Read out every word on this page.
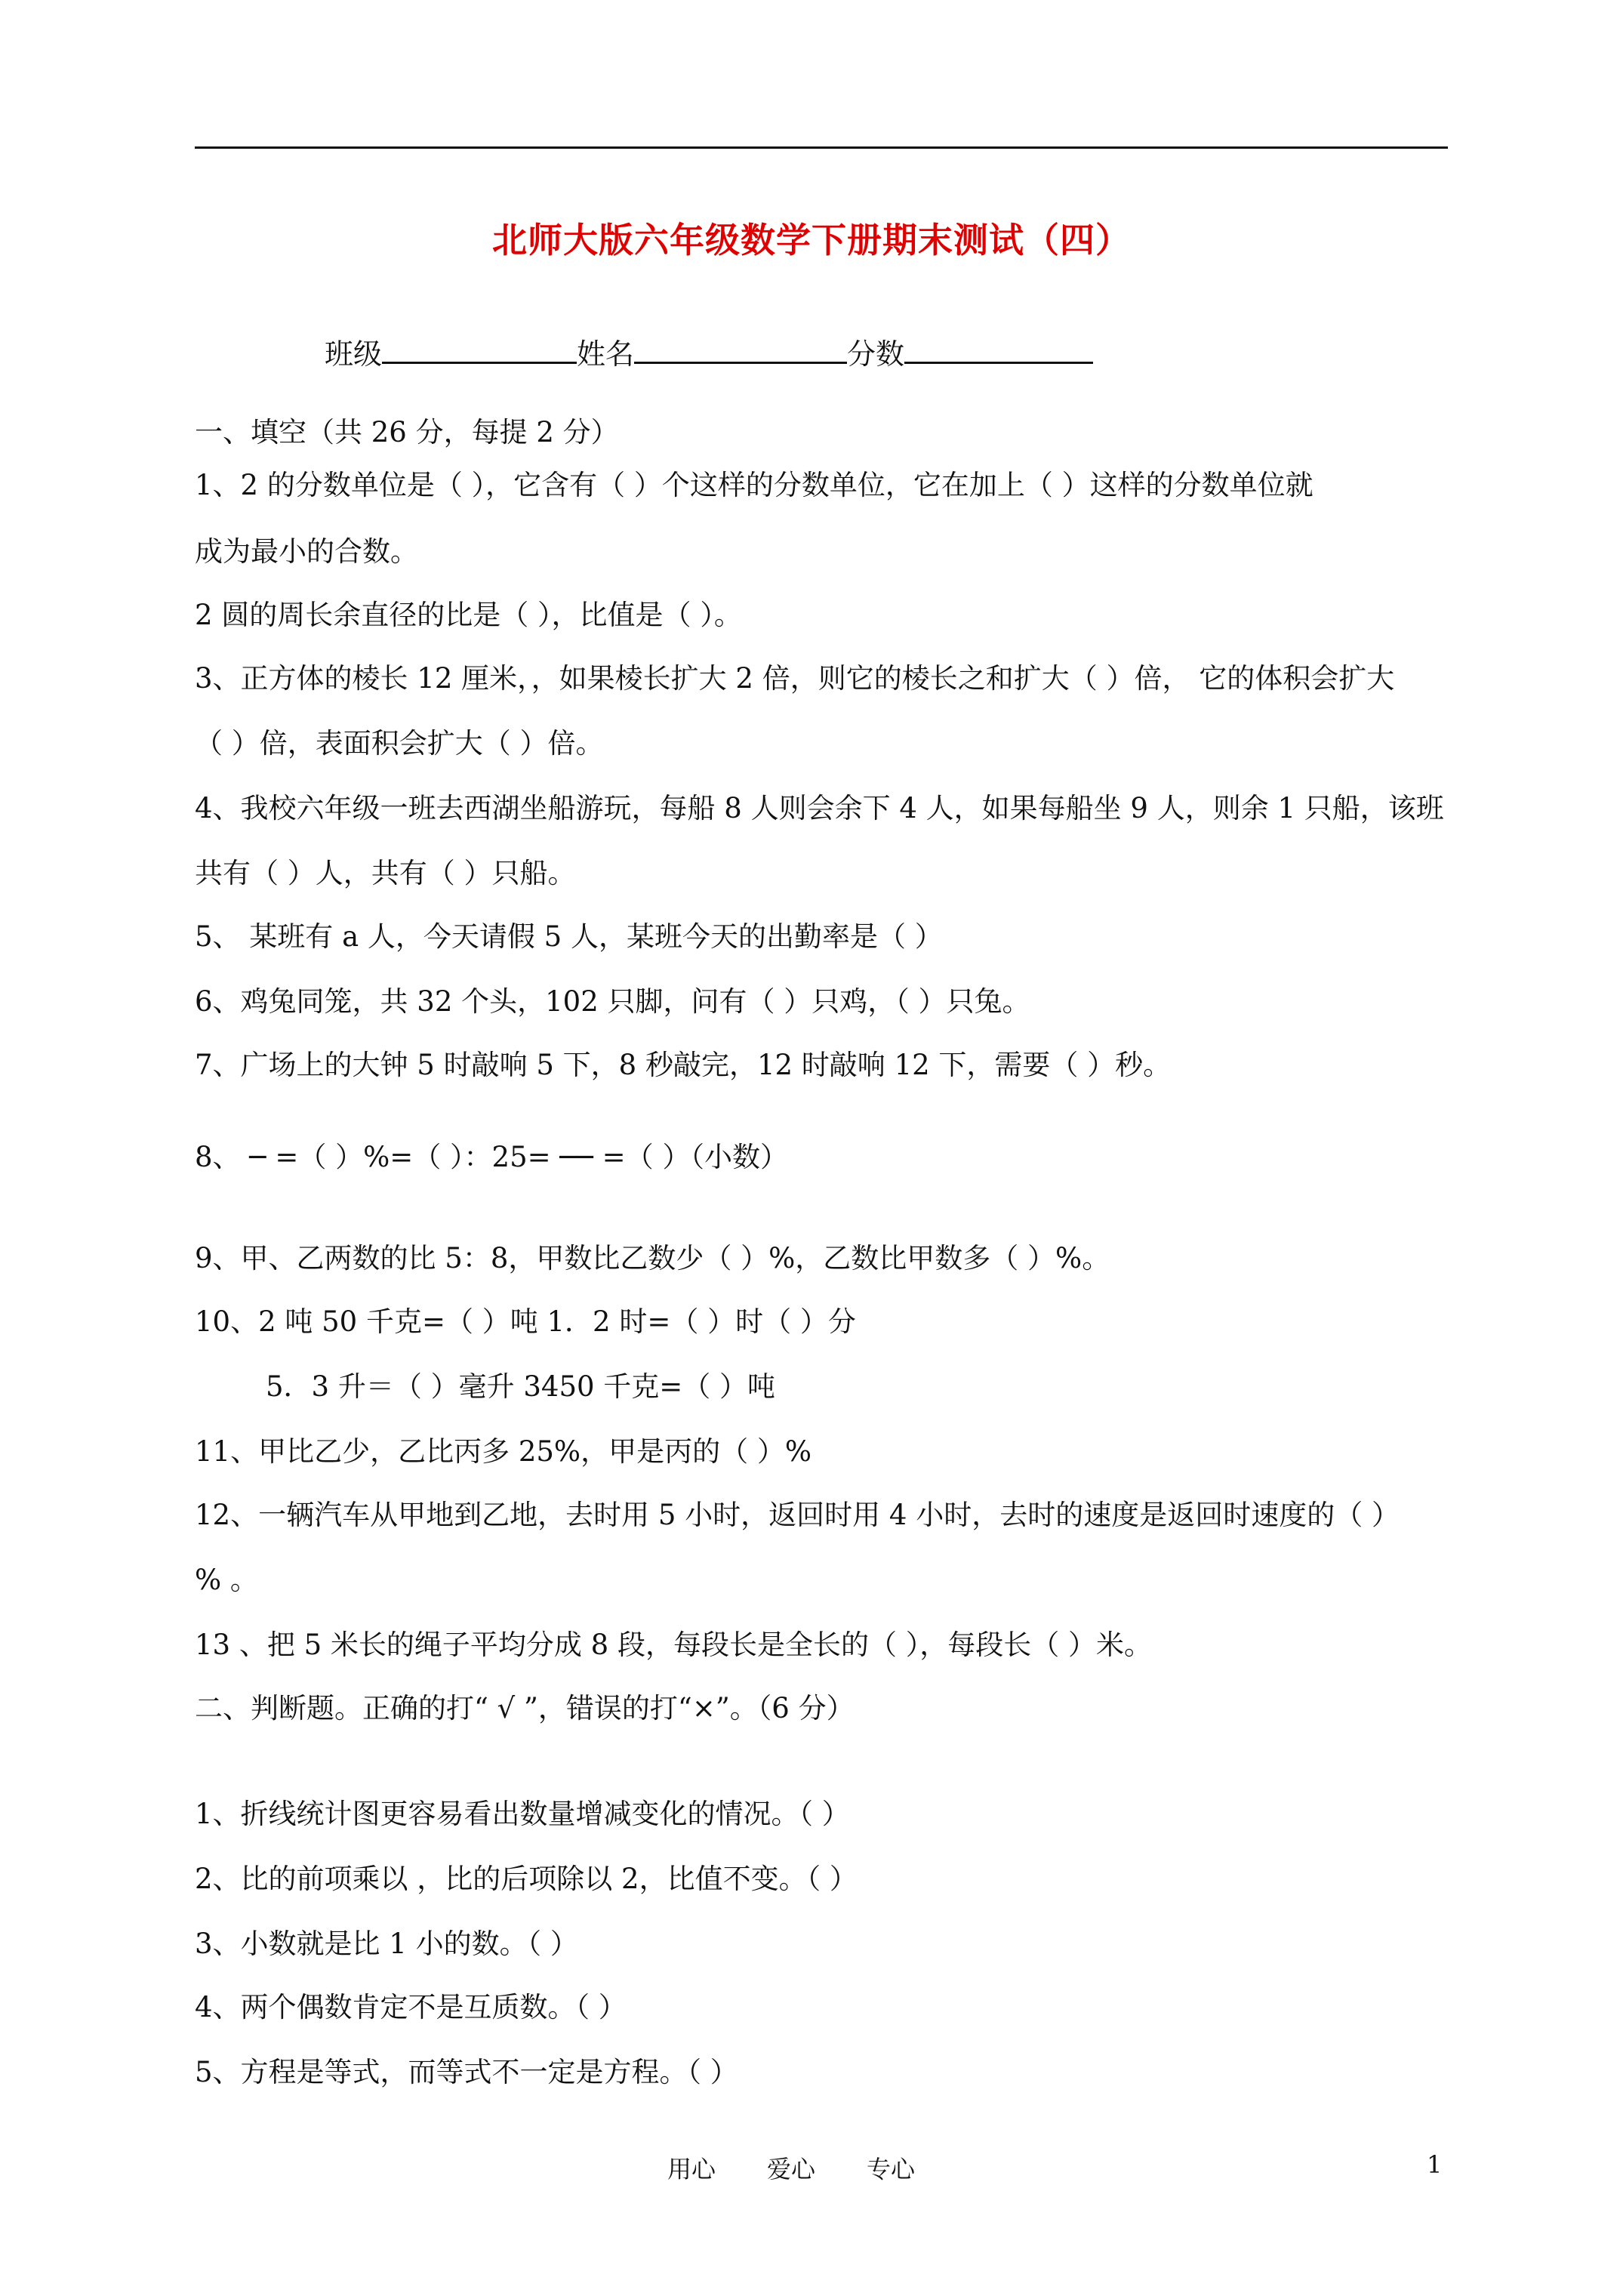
北师大版六年级数学下册期末测试（四）
班级	姓名	分数
一、填空（共 26 分，每提 2 分）
1、2 的分数单位是（ ），它含有（ ）个这样的分数单位，它在加上（ ）这样的分数单位就
成为最小的合数。
2 圆的周长余直径的比是（ ），比值是（ ）。
3、正方体的棱长 12 厘米，，如果棱长扩大 2 倍，则它的棱长之和扩大（ ）倍， 它的体积会扩大
（ ）倍，表面积会扩大（ ）倍。
4、我校六年级一班去西湖坐船游玩，每船 8 人则会余下 4 人，如果每船坐 9 人，则余 1 只船，该班
共有（ ）人，共有（ ）只船。
5、 某班有 a 人，今天请假 5 人，某班今天的出勤率是（ ）
6、鸡兔同笼，共 32 个头，102 只脚，问有（ ）只鸡，（ ）只兔。
7、广场上的大钟 5 时敲响 5 下，8 秒敲完，12 时敲响 12 下，需要（ ）秒。
8、 ─ =（ ）%=（ ）：25= ── =（ ）（小数）
9、甲、乙两数的比 5：8，甲数比乙数少（ ）%，乙数比甲数多（ ）%。
10、2 吨 50 千克=（ ）吨 1．2 时=（ ）时（ ）分
5．3 升＝（ ）毫升 3450 千克=（ ）吨
11、甲比乙少，乙比丙多 25%，甲是丙的（ ）%
12、一辆汽车从甲地到乙地，去时用 5 小时，返回时用 4 小时，去时的速度是返回时速度的（ ）
% 。
13 、把 5 米长的绳子平均分成 8 段，每段长是全长的（ ），每段长（ ）米。
二、判断题。正确的打“ √ ”，错误的打“×”。（6 分）
1、折线统计图更容易看出数量增减变化的情况。（ ）
2、比的前项乘以 ，比的后项除以 2，比值不变。（ ）
3、小数就是比 1 小的数。（ ）
4、两个偶数肯定不是互质数。（ ）
5、方程是等式，而等式不一定是方程。（ ）
用心 爱心 专心	1
